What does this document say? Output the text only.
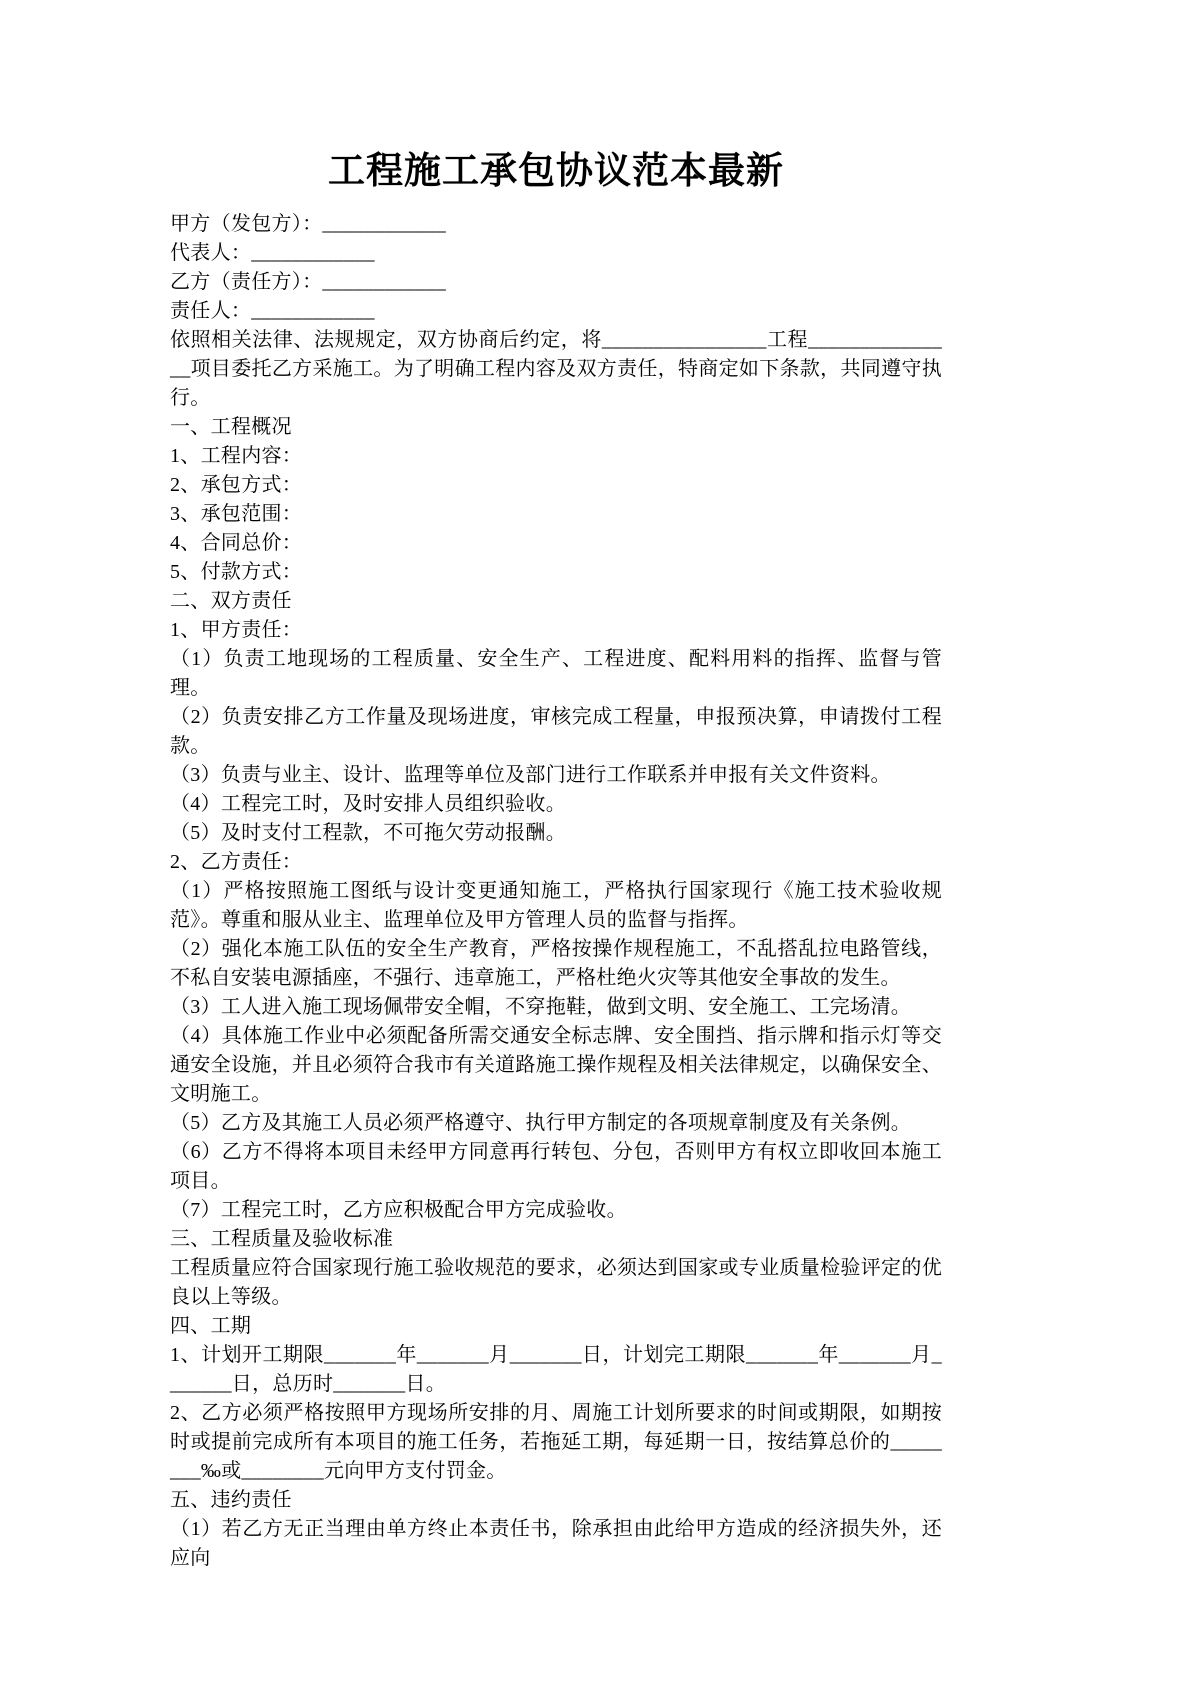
工程施工承包协议范本最新

甲方（发包方）：____________

代表人：____________

乙方（责任方）：____________

责任人：____________

依照相关法律、法规规定，双方协商后约定，将________________工程_______________项目委托乙方采施工。为了明确工程内容及双方责任，特商定如下条款，共同遵守执行。

一、工程概况

1、工程内容：

2、承包方式：

3、承包范围：

4、合同总价：

5、付款方式：

二、双方责任

1、甲方责任：

（1）负责工地现场的工程质量、安全生产、工程进度、配料用料的指挥、监督与管理。

（2）负责安排乙方工作量及现场进度，审核完成工程量，申报预决算，申请拨付工程款。

（3）负责与业主、设计、监理等单位及部门进行工作联系并申报有关文件资料。

（4）工程完工时，及时安排人员组织验收。

（5）及时支付工程款，不可拖欠劳动报酬。

2、乙方责任：

（1）严格按照施工图纸与设计变更通知施工，严格执行国家现行《施工技术验收规范》。尊重和服从业主、监理单位及甲方管理人员的监督与指挥。

（2）强化本施工队伍的安全生产教育，严格按操作规程施工，不乱搭乱拉电路管线，不私自安装电源插座，不强行、违章施工，严格杜绝火灾等其他安全事故的发生。

（3）工人进入施工现场佩带安全帽，不穿拖鞋，做到文明、安全施工、工完场清。

（4）具体施工作业中必须配备所需交通安全标志牌、安全围挡、指示牌和指示灯等交通安全设施，并且必须符合我市有关道路施工操作规程及相关法律规定，以确保安全、文明施工。

（5）乙方及其施工人员必须严格遵守、执行甲方制定的各项规章制度及有关条例。

（6）乙方不得将本项目未经甲方同意再行转包、分包，否则甲方有权立即收回本施工项目。

（7）工程完工时，乙方应积极配合甲方完成验收。

三、工程质量及验收标准

工程质量应符合国家现行施工验收规范的要求，必须达到国家或专业质量检验评定的优良以上等级。

四、工期

1、计划开工期限_______年_______月_______日，计划完工期限_______年_______月_______日，总历时_______日。

2、乙方必须严格按照甲方现场所安排的月、周施工计划所要求的时间或期限，如期按时或提前完成所有本项目的施工任务，若拖延工期，每延期一日，按结算总价的________‰或________元向甲方支付罚金。

五、违约责任

（1）若乙方无正当理由单方终止本责任书，除承担由此给甲方造成的经济损失外，还应向
